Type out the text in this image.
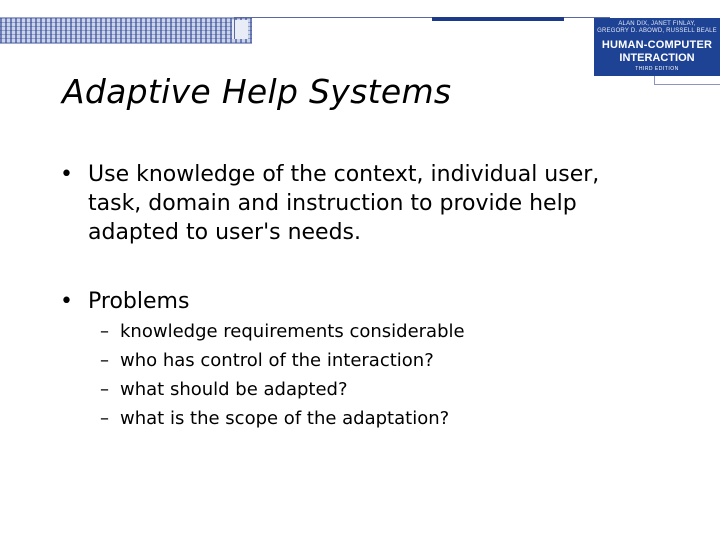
ALAN DIX, JANET FINLAY,
GREGORY D. ABOWD, RUSSELL BEALE
HUMAN-COMPUTER
INTERACTION
THIRD EDITION
Adaptive Help Systems
• Use knowledge of the context, individual user,
task, domain and instruction to provide help
adapted to user's needs.
• Problems
– knowledge requirements considerable
– who has control of the interaction?
– what should be adapted?
– what is the scope of the adaptation?
